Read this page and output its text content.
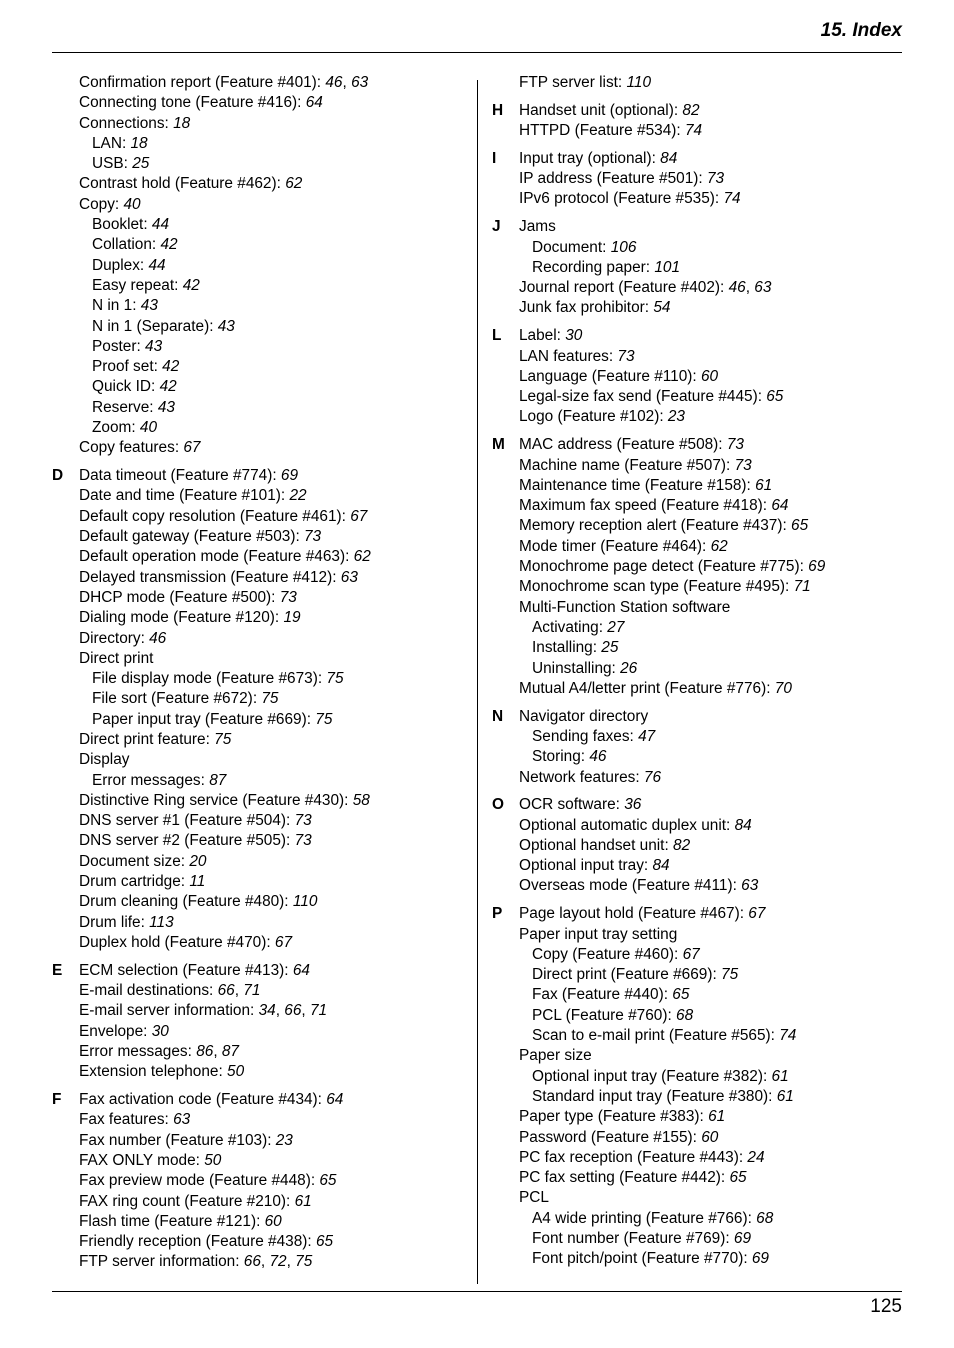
15. Index
Confirmation report (Feature #401): 46, 63
Connecting tone (Feature #416): 64
Connections: 18
LAN: 18
USB: 25
Contrast hold (Feature #462): 62
Copy: 40
Booklet: 44
Collation: 42
Duplex: 44
Easy repeat: 42
N in 1: 43
N in 1 (Separate): 43
Poster: 43
Proof set: 42
Quick ID: 42
Reserve: 43
Zoom: 40
Copy features: 67
D	Data timeout (Feature #774): 69
Date and time (Feature #101): 22
Default copy resolution (Feature #461): 67
Default gateway (Feature #503): 73
Default operation mode (Feature #463): 62
Delayed transmission (Feature #412): 63
DHCP mode (Feature #500): 73
Dialing mode (Feature #120): 19
Directory: 46
Direct print
File display mode (Feature #673): 75
File sort (Feature #672): 75
Paper input tray (Feature #669): 75
Direct print feature: 75
Display
Error messages: 87
Distinctive Ring service (Feature #430): 58
DNS server #1 (Feature #504): 73
DNS server #2 (Feature #505): 73
Document size: 20
Drum cartridge: 11
Drum cleaning (Feature #480): 110
Drum life: 113
Duplex hold (Feature #470): 67
E	ECM selection (Feature #413): 64
E-mail destinations: 66, 71
E-mail server information: 34, 66, 71
Envelope: 30
Error messages: 86, 87
Extension telephone: 50
F	Fax activation code (Feature #434): 64
Fax features: 63
Fax number (Feature #103): 23
FAX ONLY mode: 50
Fax preview mode (Feature #448): 65
FAX ring count (Feature #210): 61
Flash time (Feature #121): 60
Friendly reception (Feature #438): 65
FTP server information: 66, 72, 75
FTP server list: 110
H	Handset unit (optional): 82
HTTPD (Feature #534): 74
I	Input tray (optional): 84
IP address (Feature #501): 73
IPv6 protocol (Feature #535): 74
J	Jams
Document: 106
Recording paper: 101
Journal report (Feature #402): 46, 63
Junk fax prohibitor: 54
L	Label: 30
LAN features: 73
Language (Feature #110): 60
Legal-size fax send (Feature #445): 65
Logo (Feature #102): 23
M MAC address (Feature #508): 73
Machine name (Feature #507): 73
Maintenance time (Feature #158): 61
Maximum fax speed (Feature #418): 64
Memory reception alert (Feature #437): 65
Mode timer (Feature #464): 62
Monochrome page detect (Feature #775): 69
Monochrome scan type (Feature #495): 71
Multi-Function Station software
Activating: 27
Installing: 25
Uninstalling: 26
Mutual A4/letter print (Feature #776): 70
N	Navigator directory
Sending faxes: 47
Storing: 46
Network features: 76
O OCR software: 36
Optional automatic duplex unit: 84
Optional handset unit: 82
Optional input tray: 84
Overseas mode (Feature #411): 63
P	Page layout hold (Feature #467): 67
Paper input tray setting
Copy (Feature #460): 67
Direct print (Feature #669): 75
Fax (Feature #440): 65
PCL (Feature #760): 68
Scan to e-mail print (Feature #565): 74
Paper size
Optional input tray (Feature #382): 61
Standard input tray (Feature #380): 61
Paper type (Feature #383): 61
Password (Feature #155): 60
PC fax reception (Feature #443): 24
PC fax setting (Feature #442): 65
PCL
A4 wide printing (Feature #766): 68
Font number (Feature #769): 69
Font pitch/point (Feature #770): 69
125
